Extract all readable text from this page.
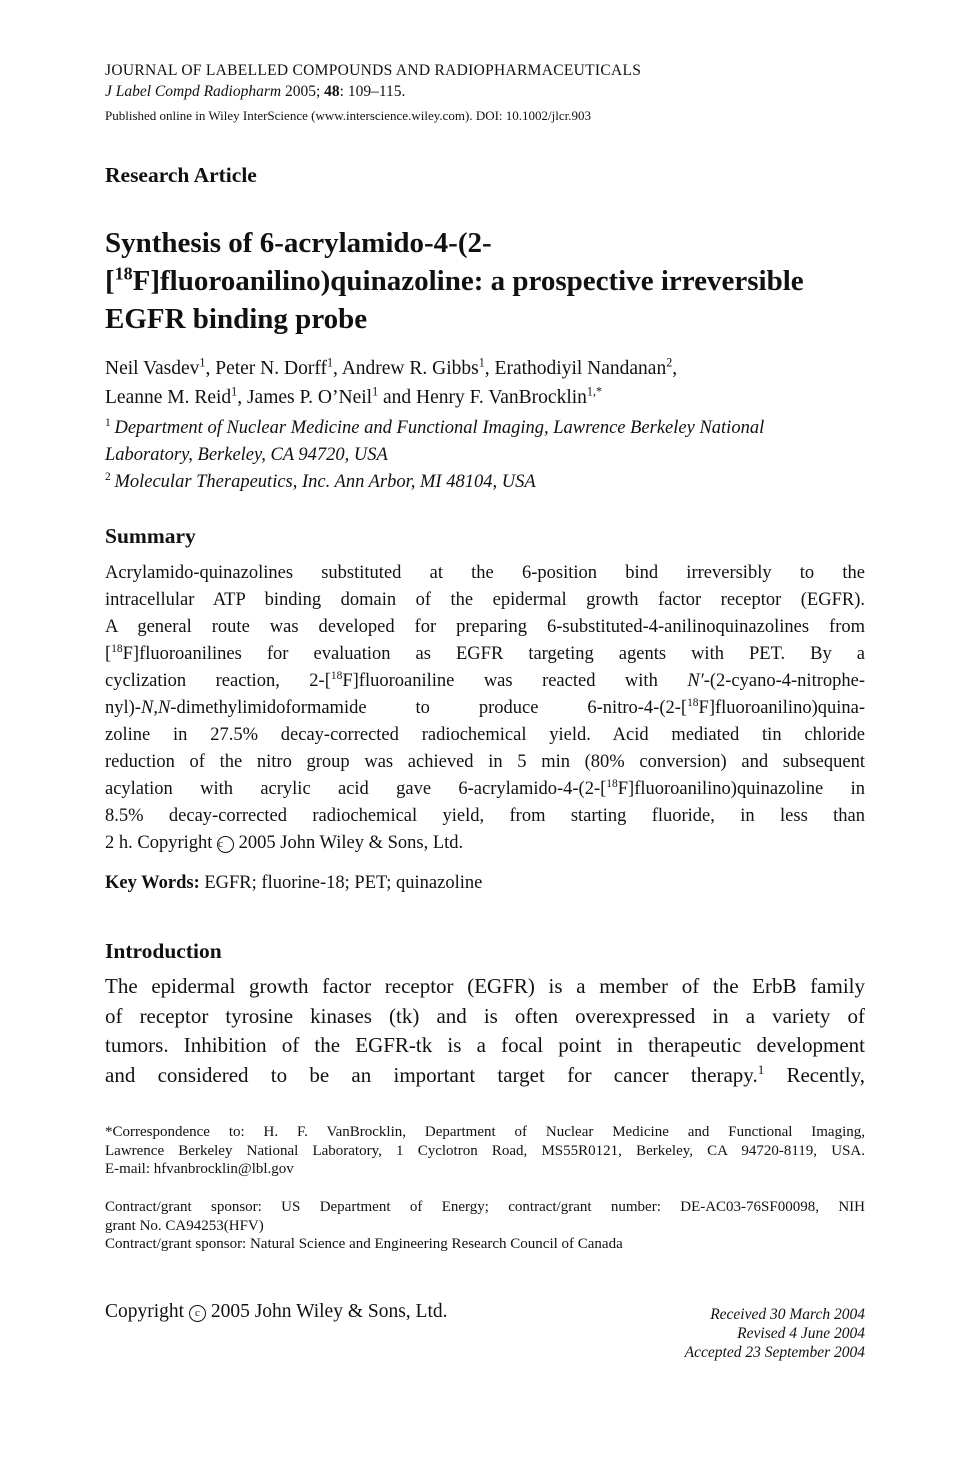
JOURNAL OF LABELLED COMPOUNDS AND RADIOPHARMACEUTICALS
J Label Compd Radiopharm 2005; 48: 109–115.
Published online in Wiley InterScience (www.interscience.wiley.com). DOI: 10.1002/jlcr.903
Research Article
Synthesis of 6-acrylamido-4-(2-
[$^{18}$F]fluoroanilino)quinazoline: a prospective irreversible
EGFR binding probe
Neil Vasdev$^1$, Peter N. Dorff$^1$, Andrew R. Gibbs$^1$, Erathodiyil Nandanan$^2$,
Leanne M. Reid$^1$, James P. O’Neil$^1$ and Henry F. VanBrocklin$^{1,*}$
$^1$  Department of Nuclear Medicine and Functional Imaging, Lawrence Berkeley National
Laboratory, Berkeley, CA 94720, USA
$^2$  Molecular Therapeutics, Inc. Ann Arbor, MI 48104, USA
Summary
Acrylamido-quinazolines substituted at the 6-position bind irreversibly to the
intracellular ATP binding domain of the epidermal growth factor receptor (EGFR).
A general route was developed for preparing 6-substituted-4-anilinoquinazolines from
[$^{18}$F]fluoroanilines for evaluation as EGFR targeting agents with PET. By a
cyclization reaction, 2-[$^{18}$F]fluoroaniline was reacted with N′-(2-cyano-4-nitrophe-
nyl)-N,N-dimethylimidoformamide to produce 6-nitro-4-(2-[$^{18}$F]fluoroanilino)quina-
zoline in 27.5% decay-corrected radiochemical yield. Acid mediated tin chloride
reduction of the nitro group was achieved in 5 min (80% conversion) and subsequent
acylation with acrylic acid gave 6-acrylamido-4-(2-[$^{18}$F]fluoroanilino)quinazoline in
8.5% decay-corrected radiochemical yield, from starting fluoride, in less than
2 h. Copyright c 2005 John Wiley & Sons, Ltd.
Key Words: EGFR; fluorine-18; PET; quinazoline
Introduction
The epidermal growth factor receptor (EGFR) is a member of the ErbB family
of receptor tyrosine kinases (tk) and is often overexpressed in a variety of
tumors. Inhibition of the EGFR-tk is a focal point in therapeutic development
and considered to be an important target for cancer therapy.$^1$ Recently,
*Correspondence to: H. F. VanBrocklin, Department of Nuclear Medicine and Functional Imaging,
Lawrence Berkeley National Laboratory, 1 Cyclotron Road, MS55R0121, Berkeley, CA 94720-8119, USA.
E-mail: hfvanbrocklin@lbl.gov
Contract/grant sponsor: US Department of Energy; contract/grant number: DE-AC03-76SF00098, NIH
grant No. CA94253(HFV)
Contract/grant sponsor: Natural Science and Engineering Research Council of Canada
Copyright c 2005 John Wiley & Sons, Ltd.	Received 30 March 2004
Revised 4 June 2004
Accepted 23 September 2004
